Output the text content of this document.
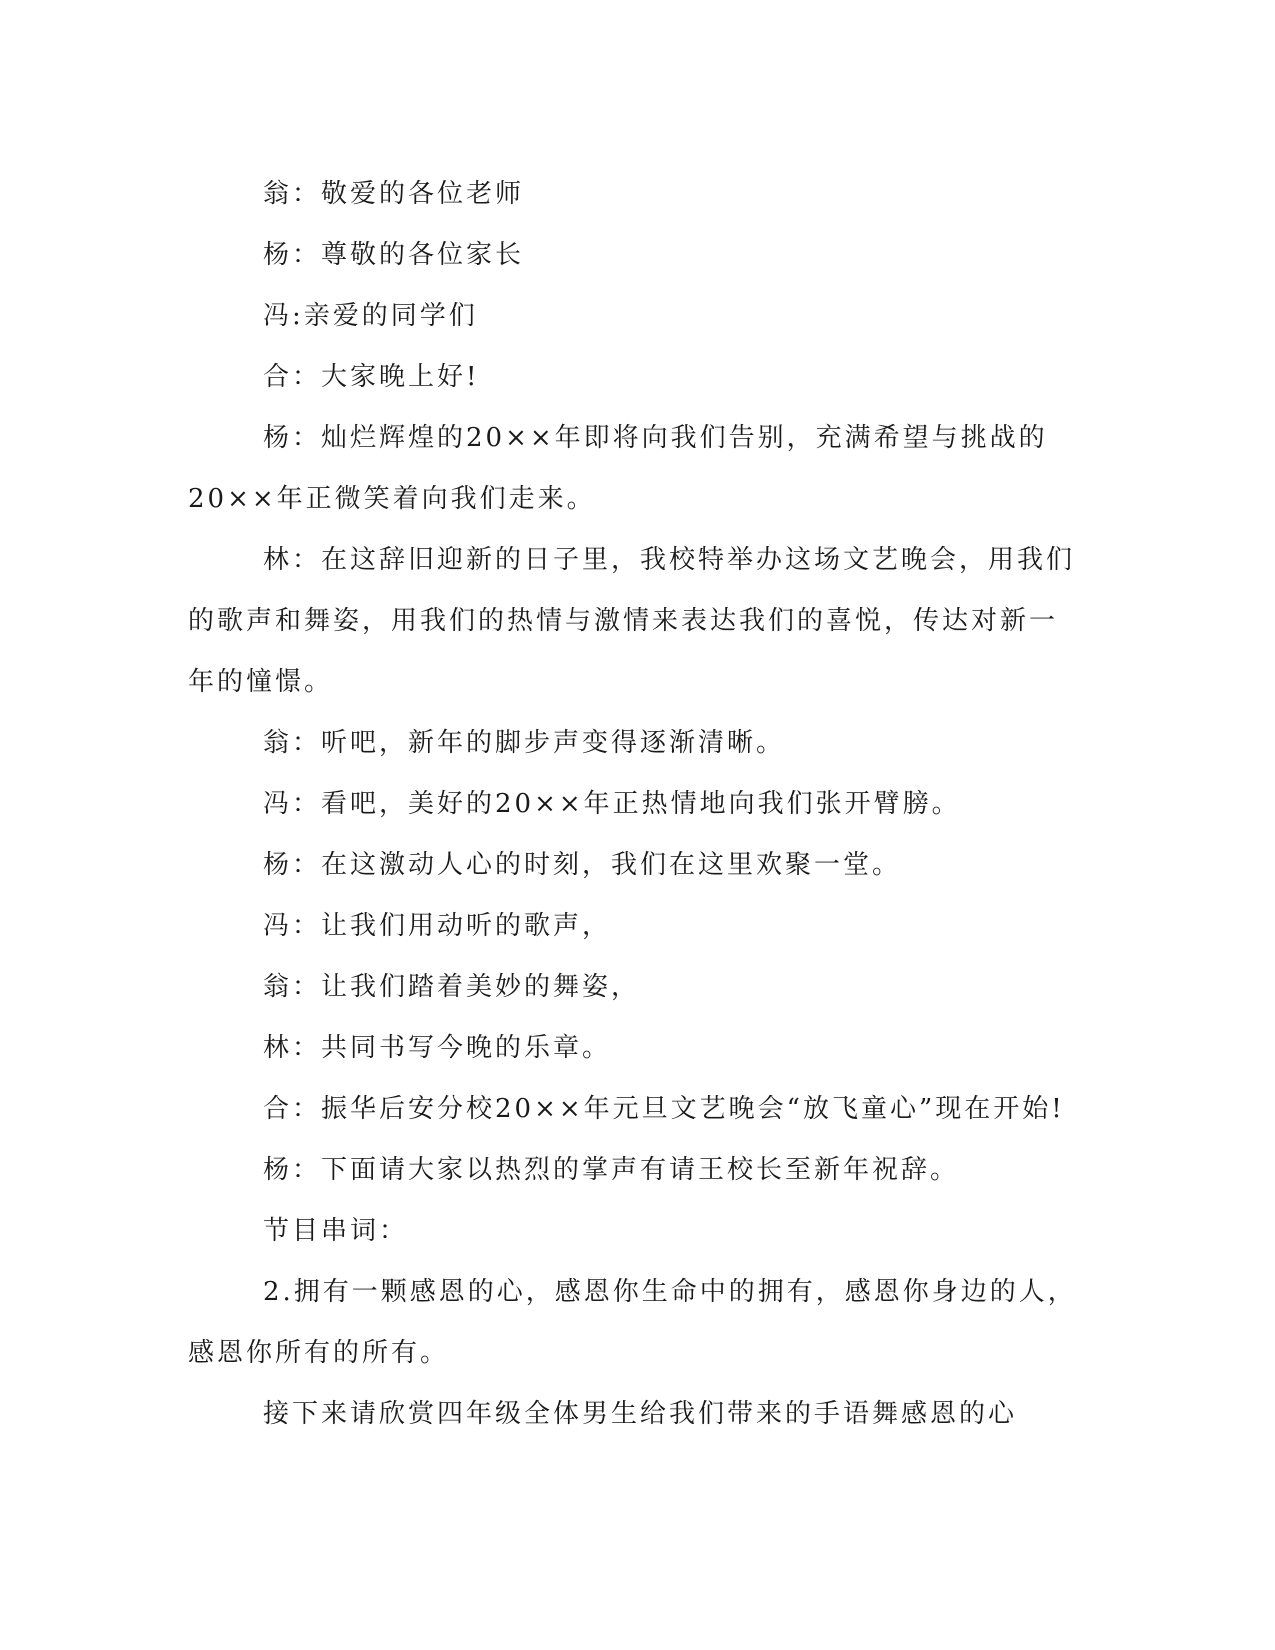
翁：敬爱的各位老师
杨：尊敬的各位家长
冯:亲爱的同学们
合：大家晚上好!
杨：灿烂辉煌的20××年即将向我们告别，充满希望与挑战的
20××年正微笑着向我们走来。
林：在这辞旧迎新的日子里，我校特举办这场文艺晚会，用我们
的歌声和舞姿，用我们的热情与激情来表达我们的喜悦，传达对新一
年的憧憬。
翁：听吧，新年的脚步声变得逐渐清晰。
冯：看吧，美好的20××年正热情地向我们张开臂膀。
杨：在这激动人心的时刻，我们在这里欢聚一堂。
冯：让我们用动听的歌声，
翁：让我们踏着美妙的舞姿，
林：共同书写今晚的乐章。
合：振华后安分校20××年元旦文艺晚会“放飞童心”现在开始!
杨：下面请大家以热烈的掌声有请王校长至新年祝辞。
节目串词：
2.拥有一颗感恩的心，感恩你生命中的拥有，感恩你身边的人，
感恩你所有的所有。
接下来请欣赏四年级全体男生给我们带来的手语舞感恩的心
